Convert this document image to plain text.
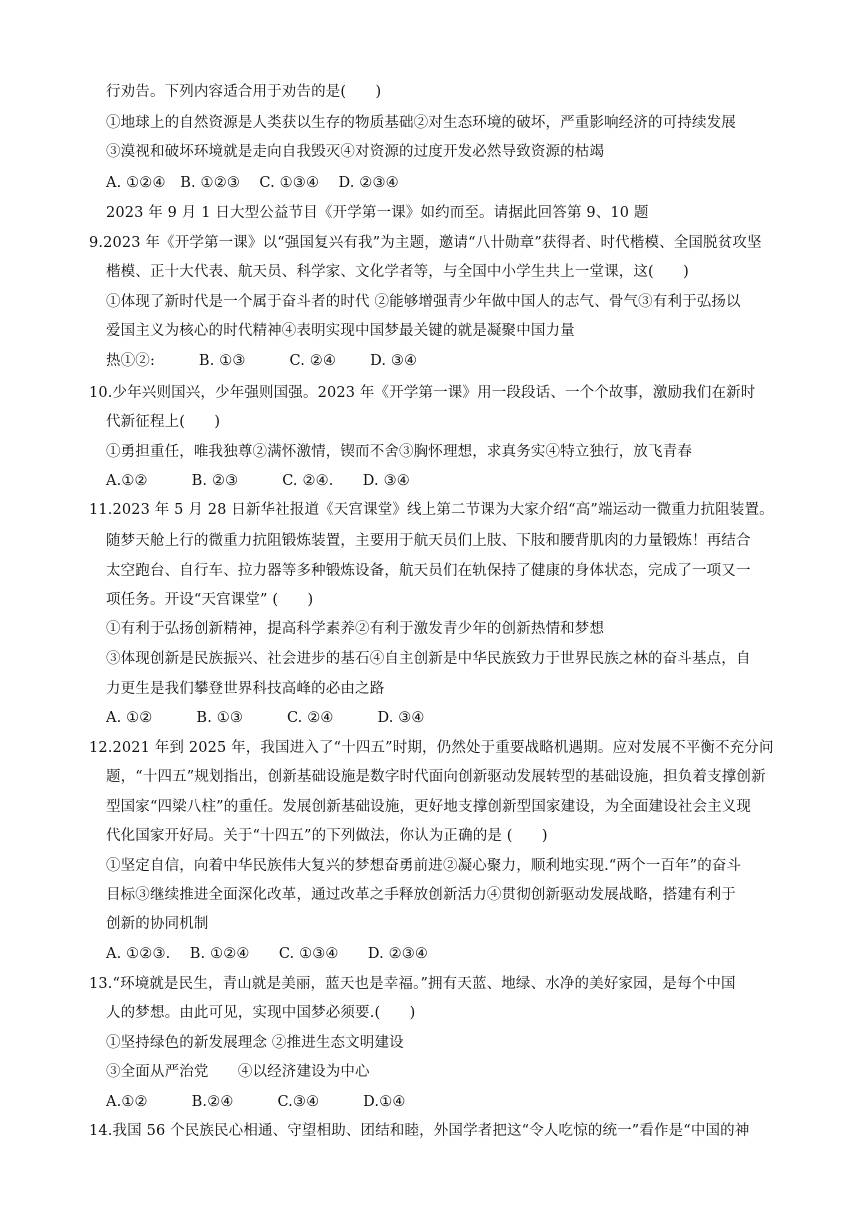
行劝告。下列内容适合用于劝告的是(　　)
①地球上的自然资源是人类获以生存的物质基础②对生态环境的破坏，严重影响经济的可持续发展
③漠视和破坏环境就是走向自我毁灭④对资源的过度开发必然导致资源的枯竭
A. ①②④　B. ①②③　 C. ①③④　 D. ②③④
2023 年 9 月 1 日大型公益节目《开学第一课》如约而至。请据此回答第 9、10 题
9.2023 年《开学第一课》以“强国复兴有我”为主题，邀请“八卄勋章”获得者、时代楷模、全国脱贫攻坚
楷模、正十大代表、航天员、科学家、文化学者等，与全国中小学生共上一堂课，这(　　)
①体现了新时代是一个属于奋斗者的时代 ②能够增强青少年做中国人的志气、骨气③有利于弘扬以
爱国主义为核心的时代精神④表明实现中国梦最关键的就是凝聚中国力量
热①②:　　　B. ①③　　　C. ②④　　 D. ③④
10.少年兴则国兴，少年强则国强。2023 年《开学第一课》用一段段话、一个个故事，激励我们在新时
代新征程上(　　)
①勇担重任，唯我独尊②满怀激情，锲而不舍③胸怀理想，求真务实④特立独行，放飞青春
A.①②　　　B. ②③　　　C. ②④.　　D. ③④
11.2023 年 5 月 28 日新华社报道《天宫课堂》线上第二节课为大家介绍“高”端运动一微重力抗阻装置。
随梦天舱上行的微重力抗阻锻炼装置，主要用于航天员们上肢、下肢和腰背肌肉的力量锻炼！再结合
太空跑台、自行车、拉力器等多种锻炼设备，航天员们在轨保持了健康的身体状态，完成了一项又一
项任务。开设“天宫课堂” (　　)
①有利于弘扬创新精神，提高科学素养②有利于激发青少年的创新热情和梦想
③体现创新是民族振兴、社会进步的基石④自主创新是中华民族致力于世界民族之林的奋斗基点，自
力更生是我们攀登世界科技高峰的必由之路
A. ①②　　　B. ①③　　　C. ②④　　　D. ③④
12.2021 年到 2025 年，我国进入了“十四五”时期，仍然处于重要战略机遇期。应对发展不平衡不充分问
题，“十四五”规划指出，创新基础设施是数字时代面向创新驱动发展转型的基础设施，担负着支撑创新
型国家“四梁八柱”的重任。发展创新基础设施，更好地支撑创新型国家建设，为全面建设社会主义现
代化国家开好局。关于“十四五”的下列做法，你认为正确的是 (　　)
①坚定自信，向着中华民族伟大复兴的梦想奋勇前进②凝心聚力，顺利地实现.“两个一百年”的奋斗
目标③继续推进全面深化改革，通过改革之手释放创新活力④贯彻创新驱动发展战略，搭建有利于
创新的协同机制
A. ①②③.　 B. ①②④　　C. ①③④　　D. ②③④
13.“环境就是民生，青山就是美丽，蓝天也是幸福。”拥有天蓝、地绿、水净的美好家园，是每个中国
人的梦想。由此可见，实现中国梦必须要.(　　)
①坚持绿色的新发展理念 ②推进生态文明建设
③全面从严治党　　④以经济建设为中心
A.①②　　　B.②④　　　C.③④　　　D.①④
14.我国 56 个民族民心相通、守望相助、团结和睦，外国学者把这“令人吃惊的统一”看作是“中国的神
